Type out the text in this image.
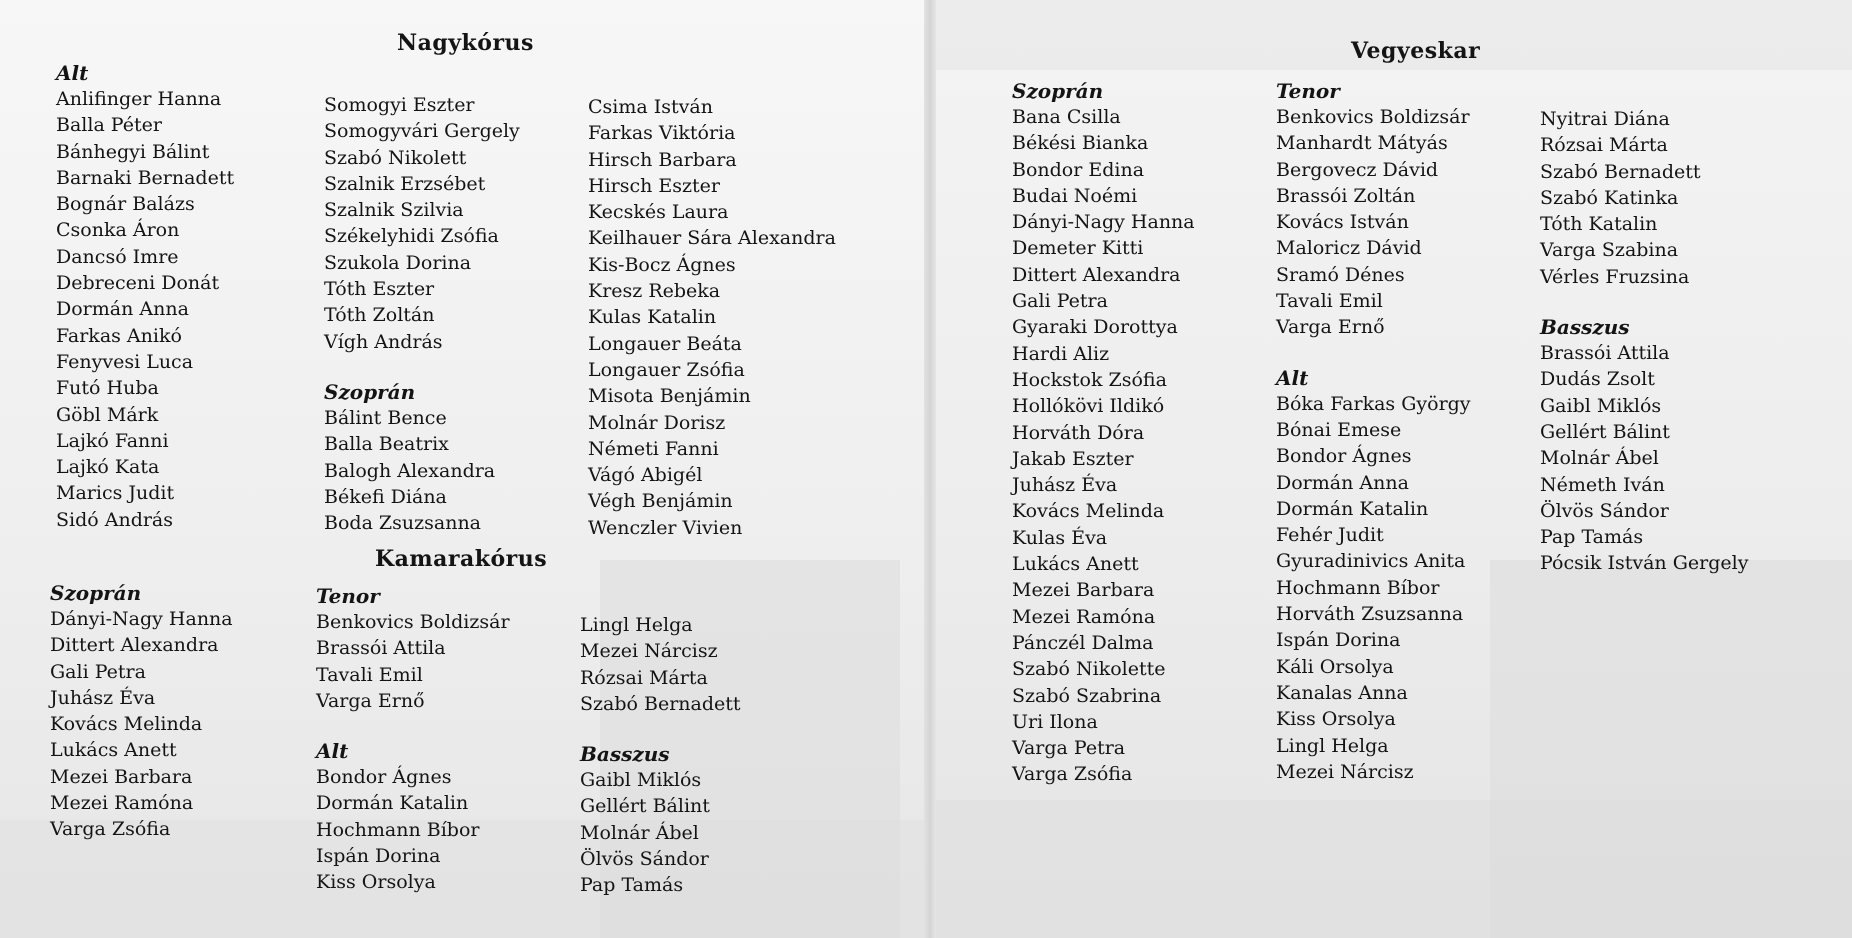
Nagykórus
Alt
Anlifinger Hanna
Balla Péter
Bánhegyi Bálint
Barnaki Bernadett
Bognár Balázs
Csonka Áron
Dancsó Imre
Debreceni Donát
Dormán Anna
Farkas Anikó
Fenyvesi Luca
Futó Huba
Göbl Márk
Lajkó Fanni
Lajkó Kata
Marics Judit
Sidó András
Somogyi Eszter
Somogyvári Gergely
Szabó Nikolett
Szalnik Erzsébet
Szalnik Szilvia
Székelyhidi Zsófia
Szukola Dorina
Tóth Eszter
Tóth Zoltán
Vígh András
Szoprán
Bálint Bence
Balla Beatrix
Balogh Alexandra
Békefi Diána
Boda Zsuzsanna
Csima István
Farkas Viktória
Hirsch Barbara
Hirsch Eszter
Kecskés Laura
Keilhauer Sára Alexandra
Kis-Bocz Ágnes
Kresz Rebeka
Kulas Katalin
Longauer Beáta
Longauer Zsófia
Misota Benjámin
Molnár Dorisz
Németi Fanni
Vágó Abigél
Végh Benjámin
Wenczler Vivien
Kamarakórus
Szoprán
Dányi-Nagy Hanna
Dittert Alexandra
Gali Petra
Juhász Éva
Kovács Melinda
Lukács Anett
Mezei Barbara
Mezei Ramóna
Varga Zsófia
Tenor
Benkovics Boldizsár
Brassói Attila
Tavali Emil
Varga Ernő
Alt
Bondor Ágnes
Dormán Katalin
Hochmann Bíbor
Ispán Dorina
Kiss Orsolya
Lingl Helga
Mezei Nárcisz
Rózsai Márta
Szabó Bernadett
Basszus
Gaibl Miklós
Gellért Bálint
Molnár Ábel
Ölvös Sándor
Pap Tamás
Vegyeskar
Szoprán
Bana Csilla
Békési Bianka
Bondor Edina
Budai Noémi
Dányi-Nagy Hanna
Demeter Kitti
Dittert Alexandra
Gali Petra
Gyaraki Dorottya
Hardi Aliz
Hockstok Zsófia
Hollókövi Ildikó
Horváth Dóra
Jakab Eszter
Juhász Éva
Kovács Melinda
Kulas Éva
Lukács Anett
Mezei Barbara
Mezei Ramóna
Pánczél Dalma
Szabó Nikolette
Szabó Szabrina
Uri Ilona
Varga Petra
Varga Zsófia
Tenor
Benkovics Boldizsár
Manhardt Mátyás
Bergovecz Dávid
Brassói Zoltán
Kovács István
Maloricz Dávid
Sramó Dénes
Tavali Emil
Varga Ernő
Alt
Bóka Farkas György
Bónai Emese
Bondor Ágnes
Dormán Anna
Dormán Katalin
Fehér Judit
Gyuradinivics Anita
Hochmann Bíbor
Horváth Zsuzsanna
Ispán Dorina
Káli Orsolya
Kanalas Anna
Kiss Orsolya
Lingl Helga
Mezei Nárcisz
Nyitrai Diána
Rózsai Márta
Szabó Bernadett
Szabó Katinka
Tóth Katalin
Varga Szabina
Vérles Fruzsina
Basszus
Brassói Attila
Dudás Zsolt
Gaibl Miklós
Gellért Bálint
Molnár Ábel
Németh Iván
Ölvös Sándor
Pap Tamás
Pócsik István Gergely
